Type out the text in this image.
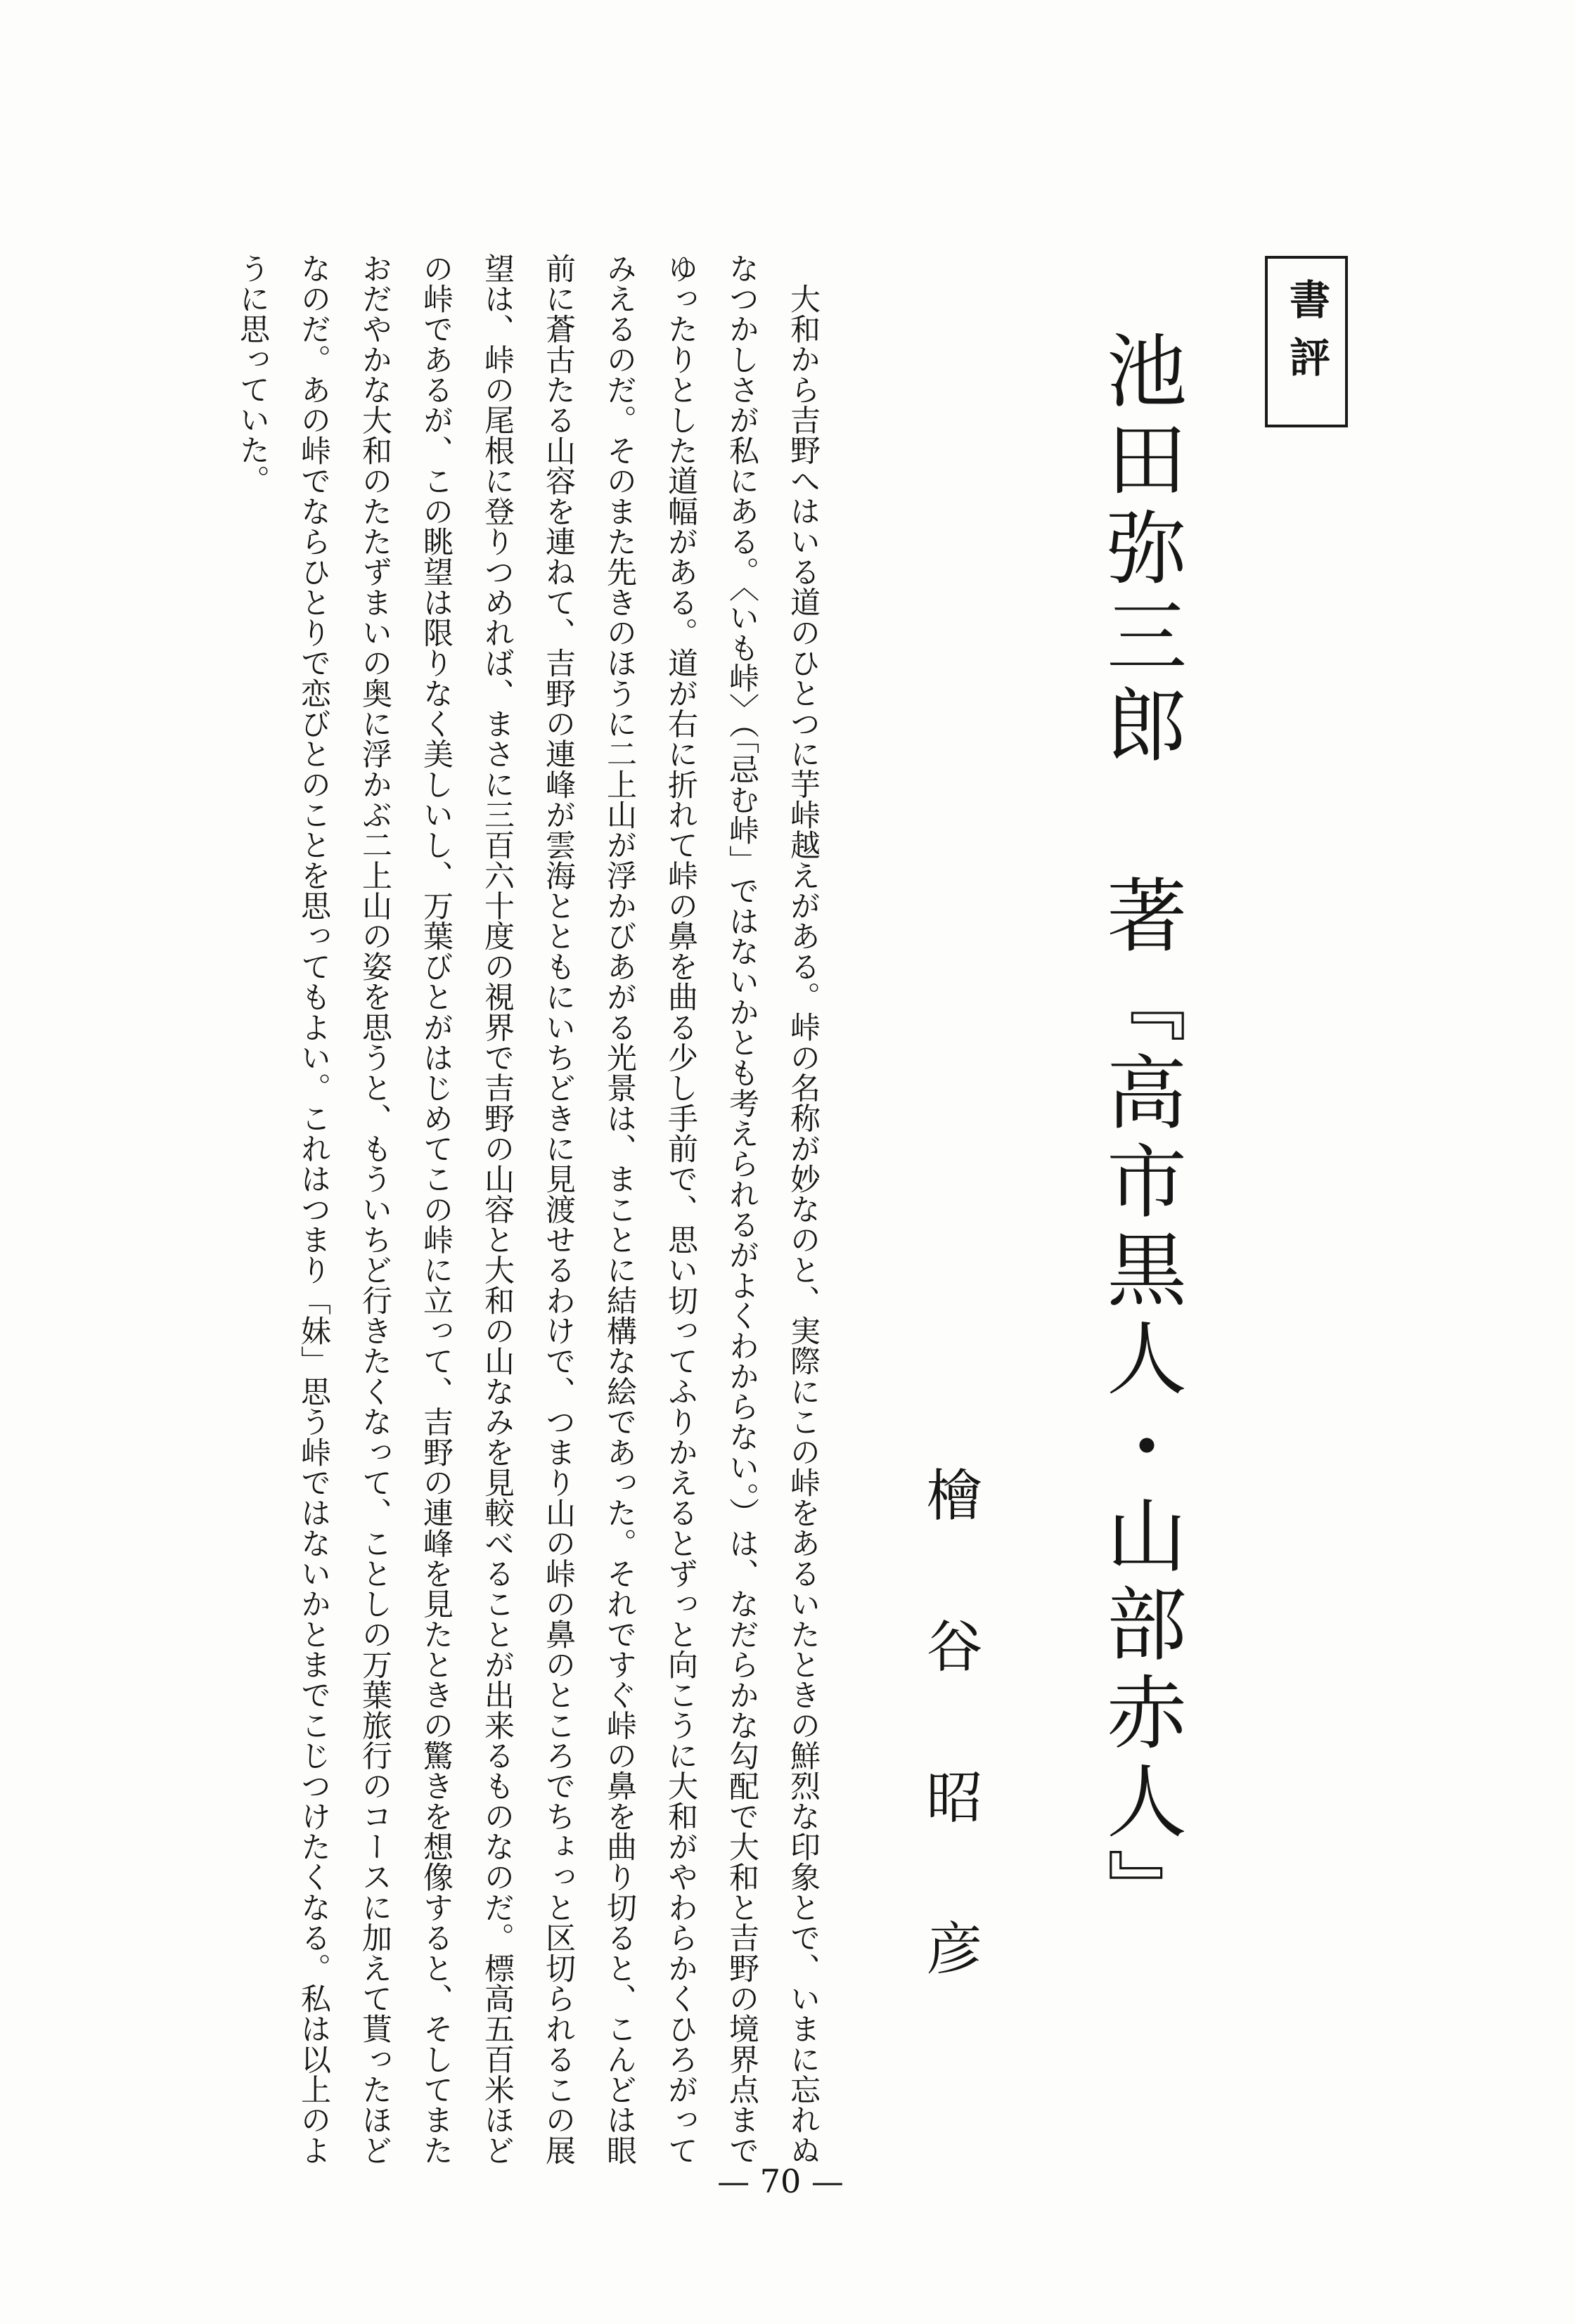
書評
池田弥三郎 著『高市黒人・山部赤人』
檜谷昭彦

大和から吉野へはいる道のひとつに芋峠越えがある。峠の名称が妙なのと、実際にこの峠をあるいたときの鮮烈な印象とで、いまに忘れぬなつかしさが私にある。〈いも峠〉（「忌む峠」ではないかとも考えられるがよくわからない。）は、なだらかな勾配で大和と吉野の境界点までゆったりとした道幅がある。道が右に折れて峠の鼻を曲る少し手前で、思い切ってふりかえるとずっと向こうに大和がやわらかくひろがってみえるのだ。そのまた先きのほうに二上山が浮かびあがる光景は、まことに結構な絵であった。それですぐ峠の鼻を曲り切ると、こんどは眼前に蒼古たる山容を連ねて、吉野の連峰が雲海とともにいちどきに見渡せるわけで、つまり山の峠の鼻のところでちょっと区切られるこの展望は、峠の尾根に登りつめれば、まさに三百六十度の視界で吉野の山容と大和の山なみを見較べることが出来るものなのだ。標高五百米ほどの峠であるが、この眺望は限りなく美しいし、万葉びとがはじめてこの峠に立って、吉野の連峰を見たときの驚きを想像すると、そしてまたおだやかな大和のたたずまいの奥に浮かぶ二上山の姿を思うと、もういちど行きたくなって、ことしの万葉旅行のコースに加えて貰ったほどなのだ。あの峠でならひとりで恋びとのことを思ってもよい。これはつまり「妹」思う峠ではないかとまでこじつけたくなる。私は以上のように思っていた。

— 70 —
